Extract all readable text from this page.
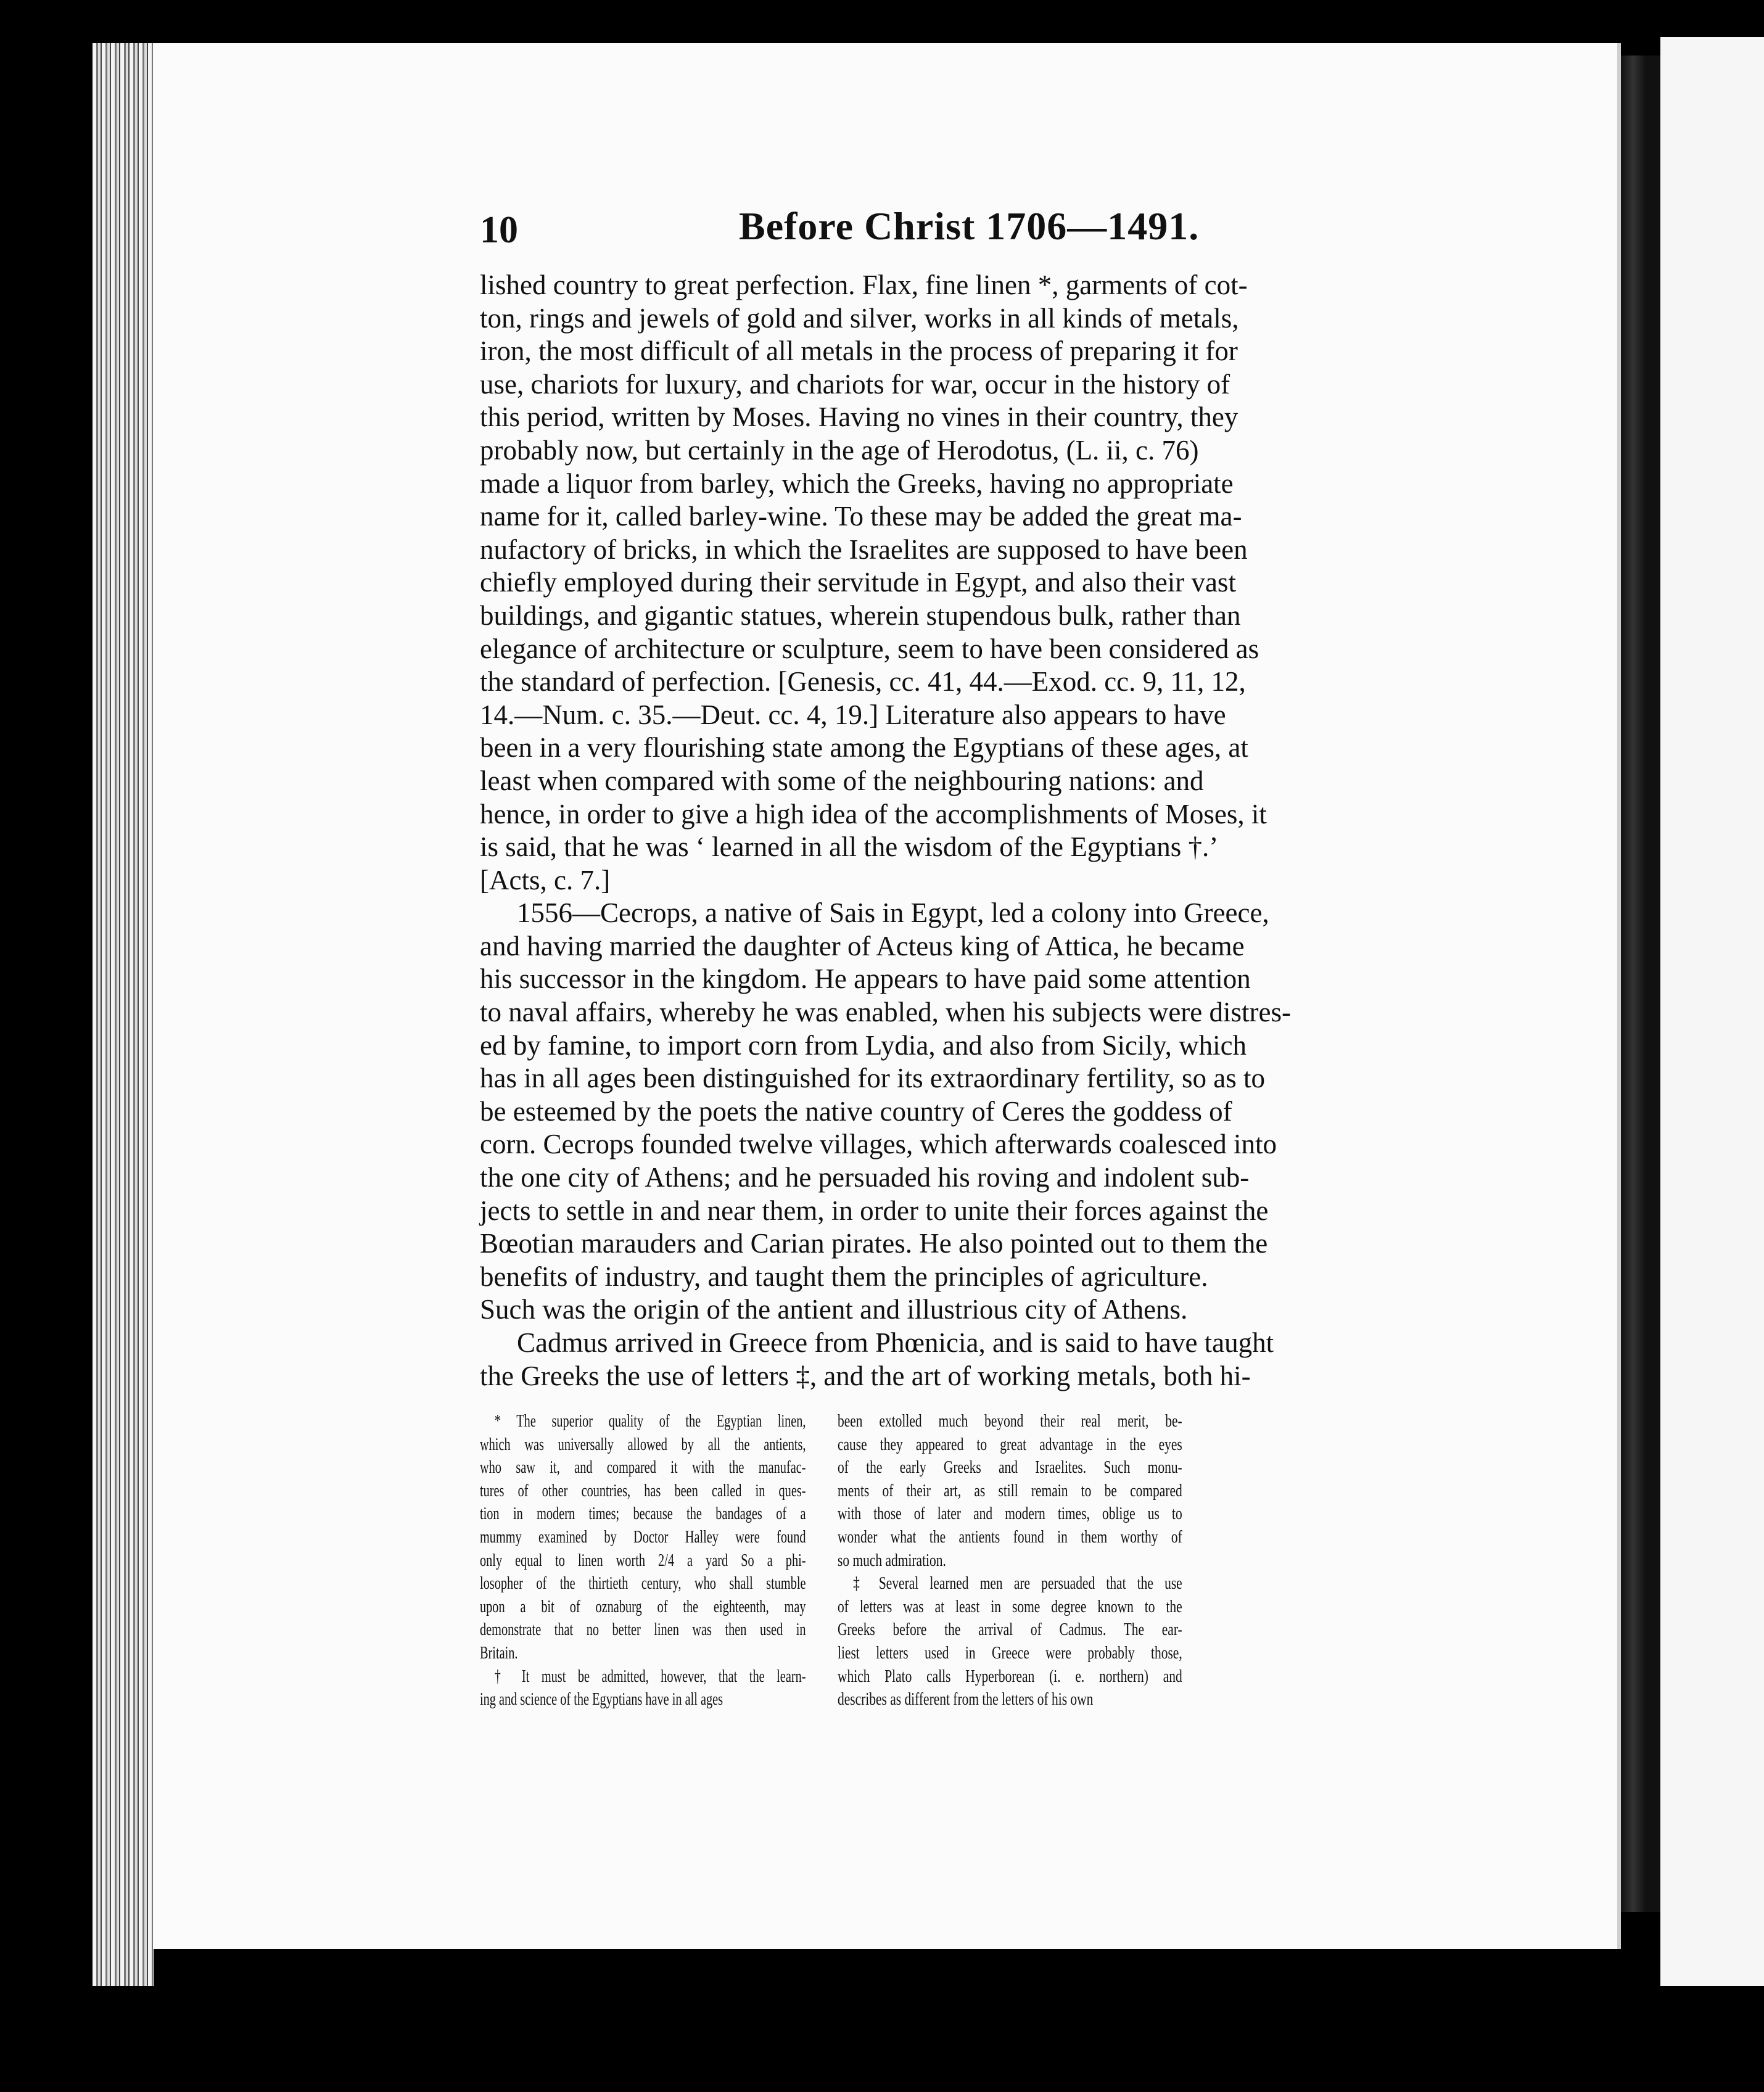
10	Before Christ 1706—1491.
lished country to great perfection. Flax, fine linen *, garments of cot-
ton, rings and jewels of gold and silver, works in all kinds of metals,
iron, the most difficult of all metals in the process of preparing it for
use, chariots for luxury, and chariots for war, occur in the history of
this period, written by Moses. Having no vines in their country, they
probably now, but certainly in the age of Herodotus, (L. ii, c. 76)
made a liquor from barley, which the Greeks, having no appropriate
name for it, called barley-wine. To these may be added the great ma-
nufactory of bricks, in which the Israelites are supposed to have been
chiefly employed during their servitude in Egypt, and also their vast
buildings, and gigantic statues, wherein stupendous bulk, rather than
elegance of architecture or sculpture, seem to have been considered as
the standard of perfection. [Genesis, cc. 41, 44.—Exod. cc. 9, 11, 12,
14.—Num. c. 35.—Deut. cc. 4, 19.] Literature also appears to have
been in a very flourishing state among the Egyptians of these ages, at
least when compared with some of the neighbouring nations: and
hence, in order to give a high idea of the accomplishments of Moses, it
is said, that he was ‘ learned in all the wisdom of the Egyptians †.’
[Acts, c. 7.]
1556—Cecrops, a native of Sais in Egypt, led a colony into Greece,
and having married the daughter of Acteus king of Attica, he became
his successor in the kingdom. He appears to have paid some attention
to naval affairs, whereby he was enabled, when his subjects were distres-
ed by famine, to import corn from Lydia, and also from Sicily, which
has in all ages been distinguished for its extraordinary fertility, so as to
be esteemed by the poets the native country of Ceres the goddess of
corn. Cecrops founded twelve villages, which afterwards coalesced into
the one city of Athens; and he persuaded his roving and indolent sub-
jects to settle in and near them, in order to unite their forces against the
Bœotian marauders and Carian pirates. He also pointed out to them the
benefits of industry, and taught them the principles of agriculture.
Such was the origin of the antient and illustrious city of Athens.
Cadmus arrived in Greece from Phœnicia, and is said to have taught
the Greeks the use of letters ‡, and the art of working metals, both hi-
* The superior quality of the Egyptian linen,
which was universally allowed by all the antients,
who saw it, and compared it with the manufac-
tures of other countries, has been called in ques-
tion in modern times; because the bandages of a
mummy examined by Doctor Halley were found
only equal to linen worth 2/4 a yard So a phi-
losopher of the thirtieth century, who shall stumble
upon a bit of oznaburg of the eighteenth, may
demonstrate that no better linen was then used in
Britain.
† It must be admitted, however, that the learn-
ing and science of the Egyptians have in all ages
been extolled much beyond their real merit, be-
cause they appeared to great advantage in the eyes
of the early Greeks and Israelites. Such monu-
ments of their art, as still remain to be compared
with those of later and modern times, oblige us to
wonder what the antients found in them worthy of
so much admiration.
‡ Several learned men are persuaded that the use
of letters was at least in some degree known to the
Greeks before the arrival of Cadmus. The ear-
liest letters used in Greece were probably those,
which Plato calls Hyperborean (i. e. northern) and
describes as different from the letters of his own
